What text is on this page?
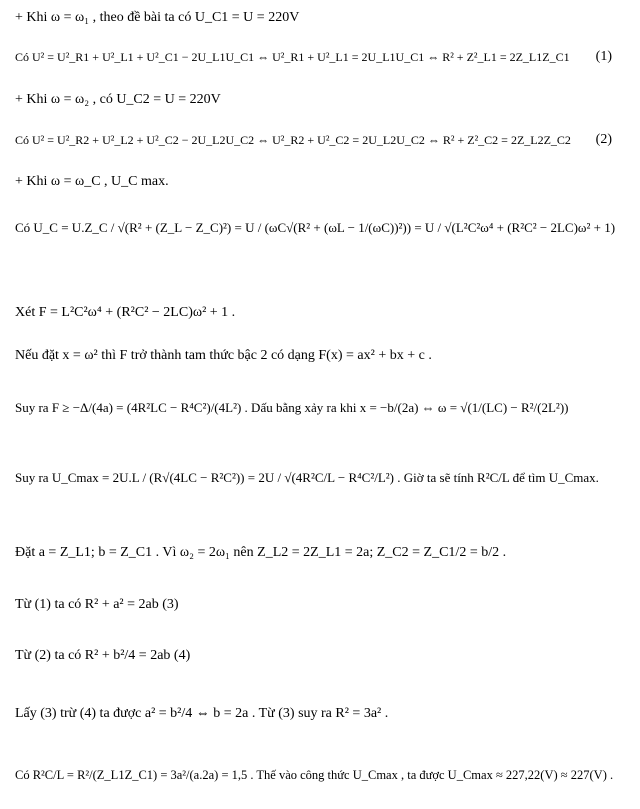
+ Khi ω = ω₁ , theo đề bài ta có U_C1 = U = 220V
Có U² = U²_R1 + U²_L1 + U²_C1 − 2U_L1U_C1 ⇔ U²_R1 + U²_L1 = 2U_L1U_C1 ⇔ R² + Z²_L1 = 2Z_L1Z_C1 (1)
+ Khi ω = ω₂ , có U_C2 = U = 220V
Có U² = U²_R2 + U²_L2 + U²_C2 − 2U_L2U_C2 ⇔ U²_R2 + U²_C2 = 2U_L2U_C2 ⇔ R² + Z²_C2 = 2Z_L2Z_C2 (2)
+ Khi ω = ω_C , U_C max.
Có U_C = U.Z_C / √(R² + (Z_L − Z_C)²) = U / (ωC√(R² + (ωL − 1/(ωC))²)) = U / √(L²C²ω⁴ + (R²C² − 2LC)ω² + 1)
Xét F = L²C²ω⁴ + (R²C² − 2LC)ω² + 1 .
Nếu đặt x = ω² thì F trở thành tam thức bậc 2 có dạng F(x) = ax² + bx + c .
Suy ra F ≥ −Δ/(4a) = (4R²LC − R⁴C²)/(4L²) . Dấu bằng xảy ra khi x = −b/(2a) ⇔ ω = √(1/(LC) − R²/(2L²))
Suy ra U_Cmax = 2U.L / (R√(4LC − R²C²)) = 2U / √(4R²C/L − R⁴C²/L²) . Giờ ta sẽ tính R²C/L để tìm U_Cmax.
Đặt a = Z_L1; b = Z_C1 . Vì ω₂ = 2ω₁ nên Z_L2 = 2Z_L1 = 2a; Z_C2 = Z_C1/2 = b/2 .
Từ (1) ta có R² + a² = 2ab (3)
Từ (2) ta có R² + b²/4 = 2ab (4)
Lấy (3) trừ (4) ta được a² = b²/4 ⇔ b = 2a . Từ (3) suy ra R² = 3a² .
Có R²C/L = R²/(Z_L1Z_C1) = 3a²/(a.2a) = 1,5 . Thế vào công thức U_Cmax , ta được U_Cmax ≈ 227,22(V) ≈ 227(V) .
